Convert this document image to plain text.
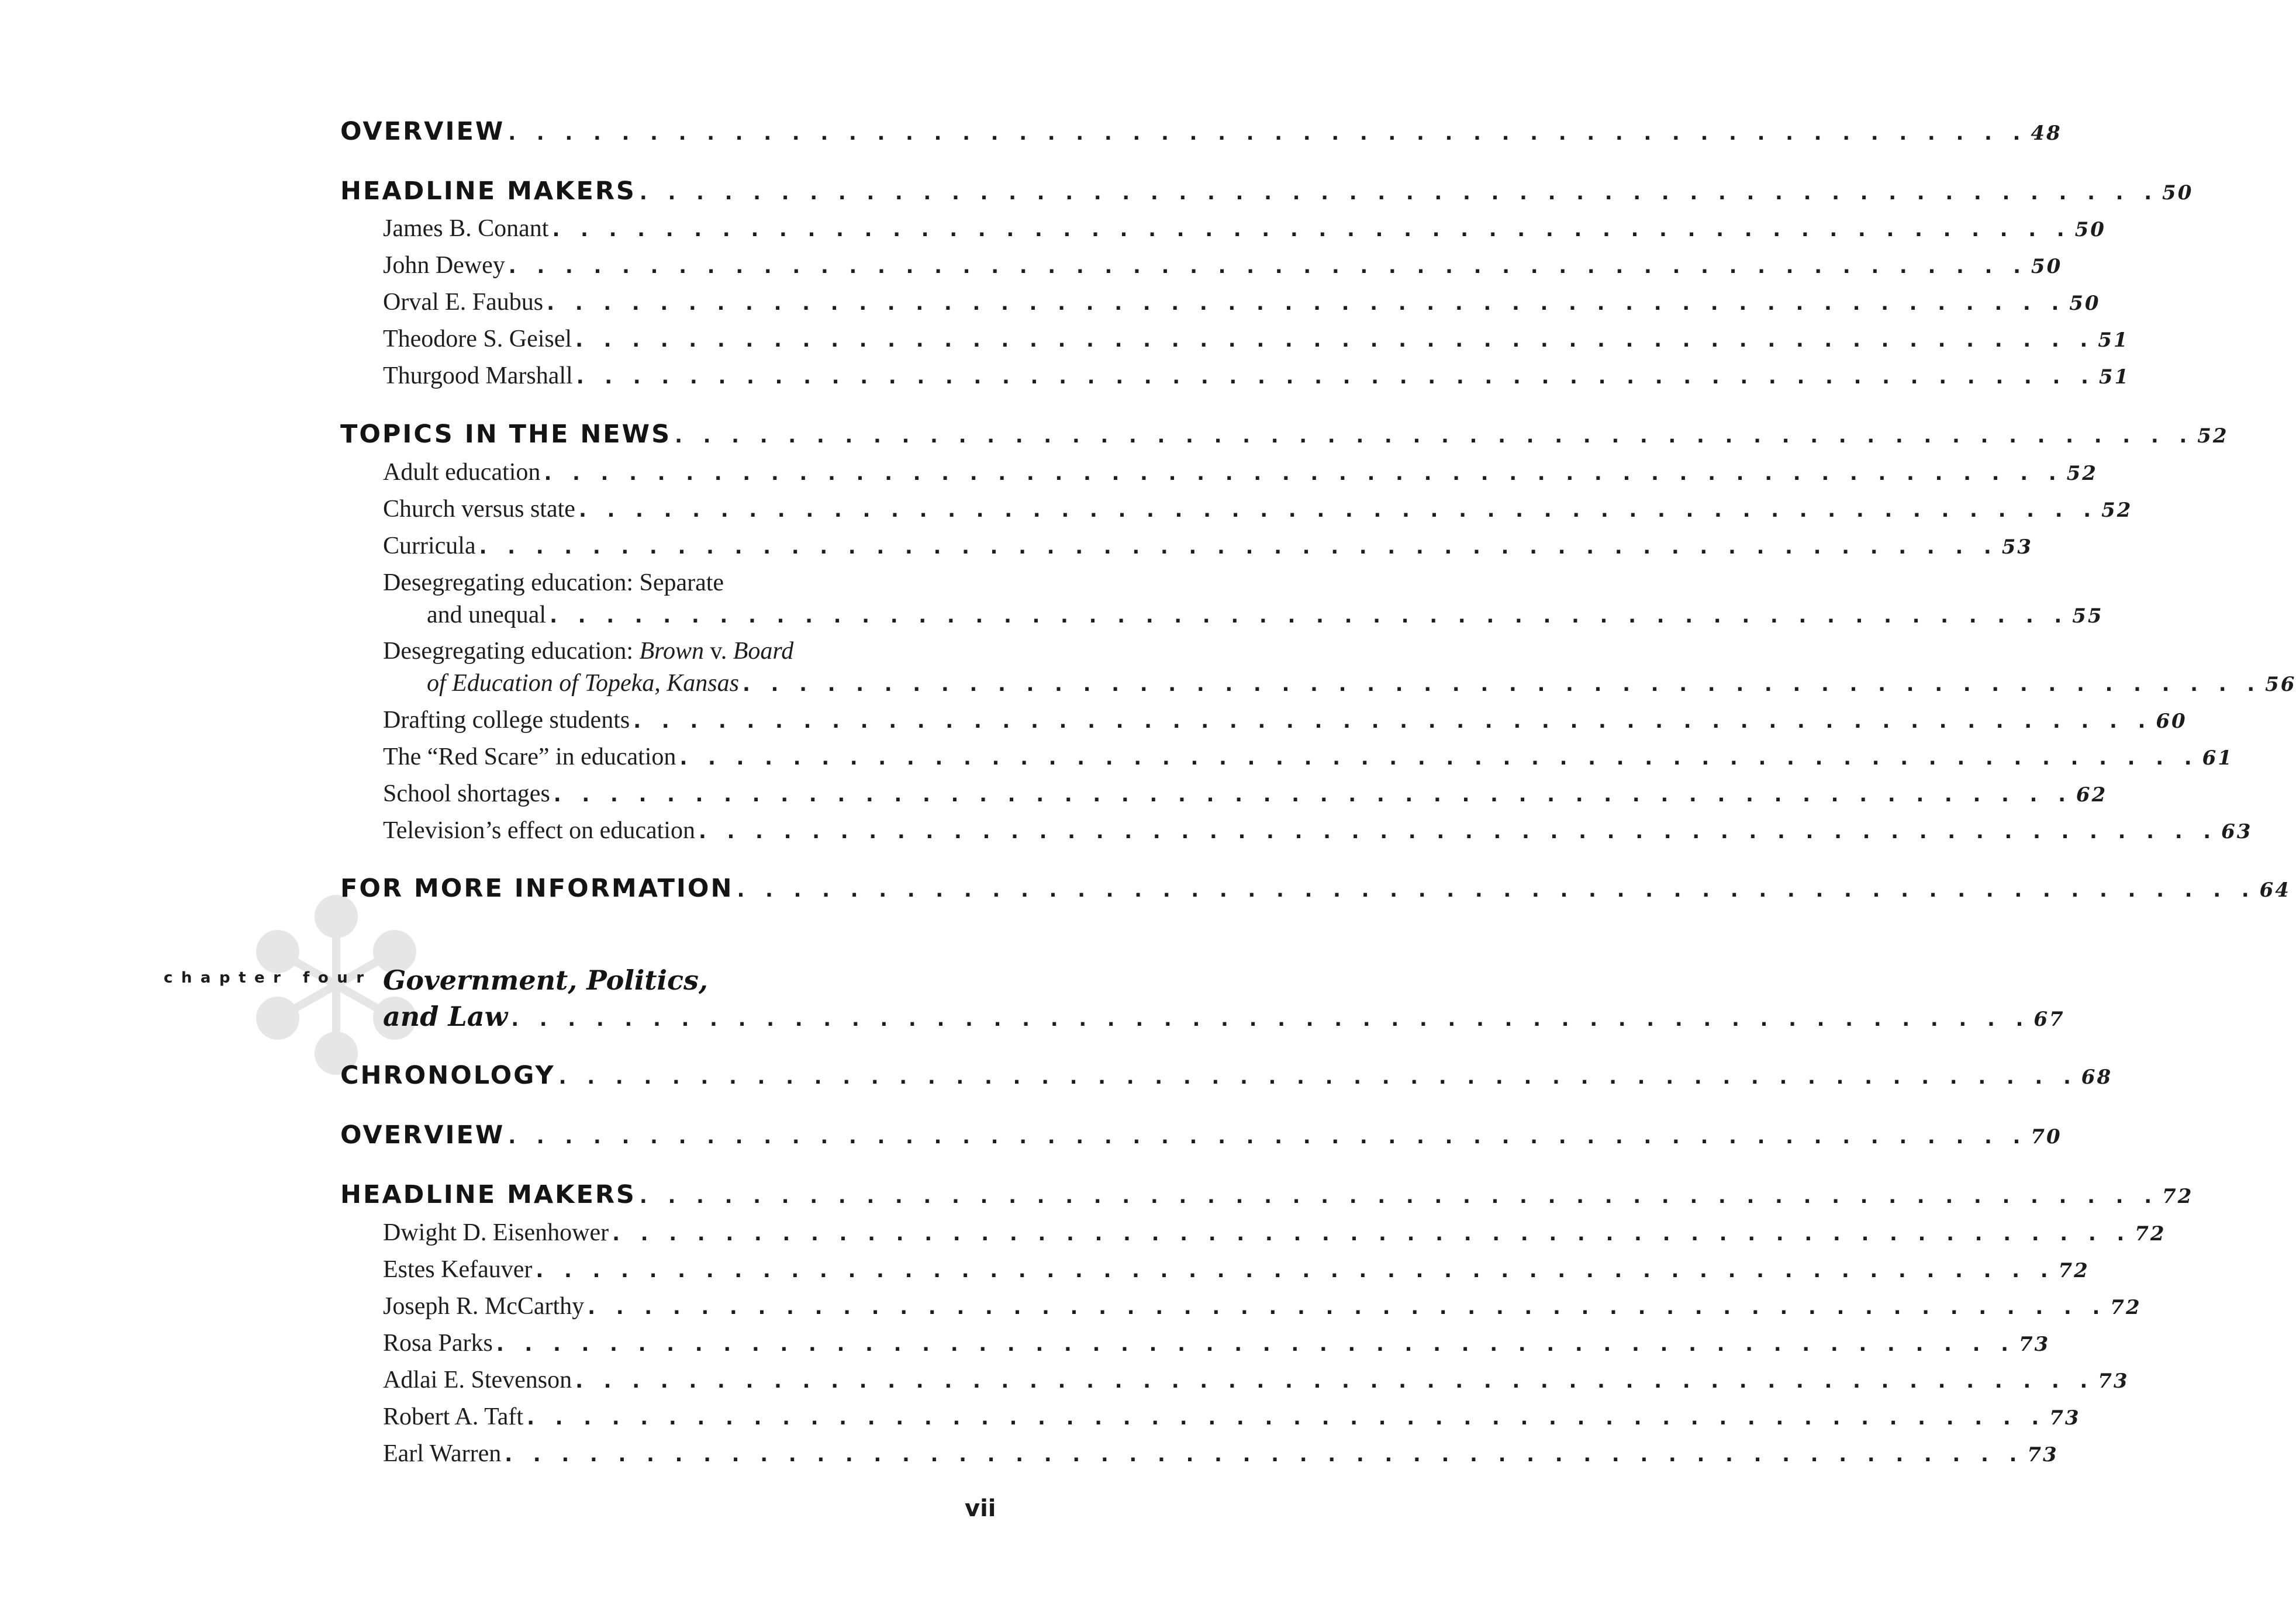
OVERVIEW . . . . . . . . . . . . . . . . . . . . . . . . . . . . . . . . . . . . . . . . . . . . . . . . . . . . . . 48
HEADLINE MAKERS . . . . . . . . . . . . . . . . . . . . . . . . . . . . . . . . . . . . . . . . . . . . . . . . . . . . . . 50
James B. Conant . . . . . . . . . . . . . . . . . . . . . . . . . . . . . . . . . . . . . . . . . . . . . . . . . . . . . . 50
John Dewey . . . . . . . . . . . . . . . . . . . . . . . . . . . . . . . . . . . . . . . . . . . . . . . . . . . . . . 50
Orval E. Faubus . . . . . . . . . . . . . . . . . . . . . . . . . . . . . . . . . . . . . . . . . . . . . . . . . . . . . . 50
Theodore S. Geisel . . . . . . . . . . . . . . . . . . . . . . . . . . . . . . . . . . . . . . . . . . . . . . . . . . . . . . 51
Thurgood Marshall . . . . . . . . . . . . . . . . . . . . . . . . . . . . . . . . . . . . . . . . . . . . . . . . . . . . . . 51
TOPICS IN THE NEWS . . . . . . . . . . . . . . . . . . . . . . . . . . . . . . . . . . . . . . . . . . . . . . . . . . . . . . 52
Adult education . . . . . . . . . . . . . . . . . . . . . . . . . . . . . . . . . . . . . . . . . . . . . . . . . . . . . . 52
Church versus state . . . . . . . . . . . . . . . . . . . . . . . . . . . . . . . . . . . . . . . . . . . . . . . . . . . . . . 52
Curricula . . . . . . . . . . . . . . . . . . . . . . . . . . . . . . . . . . . . . . . . . . . . . . . . . . . . . . 53
Desegregating education: Separate
and unequal . . . . . . . . . . . . . . . . . . . . . . . . . . . . . . . . . . . . . . . . . . . . . . . . . . . . . . 55
Desegregating education: Brown v. Board
of Education of Topeka, Kansas . . . . . . . . . . . . . . . . . . . . . . . . . . . . . . . . . . . . . . . . . . . . . . . . . . . . . . 56
Drafting college students . . . . . . . . . . . . . . . . . . . . . . . . . . . . . . . . . . . . . . . . . . . . . . . . . . . . . . 60
The “Red Scare” in education . . . . . . . . . . . . . . . . . . . . . . . . . . . . . . . . . . . . . . . . . . . . . . . . . . . . . . 61
School shortages . . . . . . . . . . . . . . . . . . . . . . . . . . . . . . . . . . . . . . . . . . . . . . . . . . . . . . 62
Television’s effect on education . . . . . . . . . . . . . . . . . . . . . . . . . . . . . . . . . . . . . . . . . . . . . . . . . . . . . . 63
FOR MORE INFORMATION . . . . . . . . . . . . . . . . . . . . . . . . . . . . . . . . . . . . . . . . . . . . . . . . . . . . . . 64
chapter four Government, Politics,
and Law . . . . . . . . . . . . . . . . . . . . . . . . . . . . . . . . . . . . . . . . . . . . . . . . . . . . . . 67
CHRONOLOGY . . . . . . . . . . . . . . . . . . . . . . . . . . . . . . . . . . . . . . . . . . . . . . . . . . . . . . 68
OVERVIEW . . . . . . . . . . . . . . . . . . . . . . . . . . . . . . . . . . . . . . . . . . . . . . . . . . . . . . 70
HEADLINE MAKERS . . . . . . . . . . . . . . . . . . . . . . . . . . . . . . . . . . . . . . . . . . . . . . . . . . . . . . 72
Dwight D. Eisenhower . . . . . . . . . . . . . . . . . . . . . . . . . . . . . . . . . . . . . . . . . . . . . . . . . . . . . . 72
Estes Kefauver . . . . . . . . . . . . . . . . . . . . . . . . . . . . . . . . . . . . . . . . . . . . . . . . . . . . . . 72
Joseph R. McCarthy . . . . . . . . . . . . . . . . . . . . . . . . . . . . . . . . . . . . . . . . . . . . . . . . . . . . . . 72
Rosa Parks . . . . . . . . . . . . . . . . . . . . . . . . . . . . . . . . . . . . . . . . . . . . . . . . . . . . . . 73
Adlai E. Stevenson . . . . . . . . . . . . . . . . . . . . . . . . . . . . . . . . . . . . . . . . . . . . . . . . . . . . . . 73
Robert A. Taft . . . . . . . . . . . . . . . . . . . . . . . . . . . . . . . . . . . . . . . . . . . . . . . . . . . . . . 73
Earl Warren . . . . . . . . . . . . . . . . . . . . . . . . . . . . . . . . . . . . . . . . . . . . . . . . . . . . . . 73
vii
